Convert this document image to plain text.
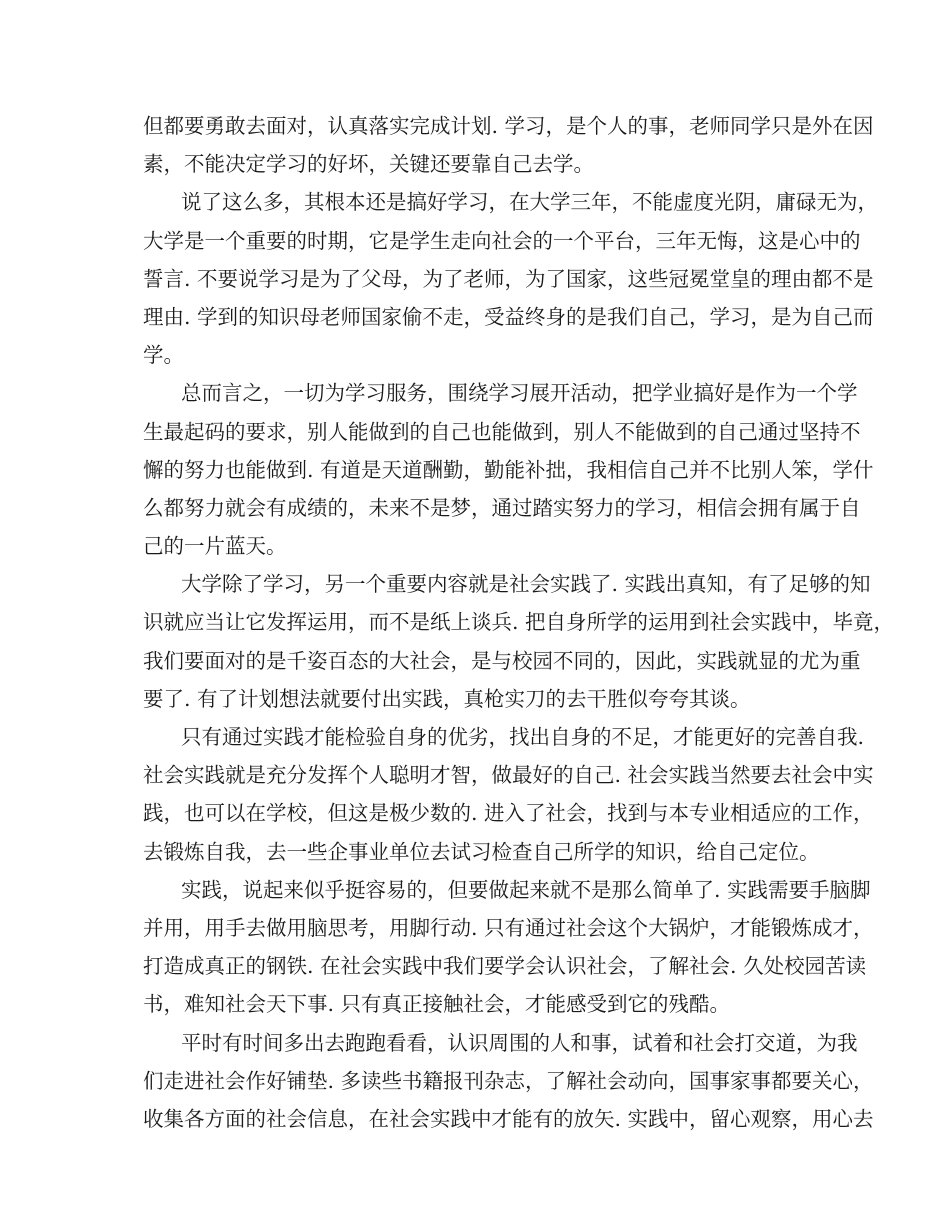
但都要勇敢去面对，认真落实完成计划. 学习，是个人的事，老师同学只是外在因
素，不能决定学习的好坏，关键还要靠自己去学。

说了这么多，其根本还是搞好学习，在大学三年，不能虚度光阴，庸碌无为，
大学是一个重要的时期，它是学生走向社会的一个平台，三年无悔，这是心中的
誓言. 不要说学习是为了父母，为了老师，为了国家，这些冠冕堂皇的理由都不是
理由. 学到的知识母老师国家偷不走，受益终身的是我们自己，学习，是为自己而
学。

总而言之，一切为学习服务，围绕学习展开活动，把学业搞好是作为一个学
生最起码的要求，别人能做到的自己也能做到，别人不能做到的自己通过坚持不
懈的努力也能做到. 有道是天道酬勤，勤能补拙，我相信自己并不比别人笨，学什
么都努力就会有成绩的，未来不是梦，通过踏实努力的学习，相信会拥有属于自
己的一片蓝天。

大学除了学习，另一个重要内容就是社会实践了. 实践出真知，有了足够的知
识就应当让它发挥运用，而不是纸上谈兵. 把自身所学的运用到社会实践中，毕竟，
我们要面对的是千姿百态的大社会，是与校园不同的，因此，实践就显的尤为重
要了. 有了计划想法就要付出实践，真枪实刀的去干胜似夸夸其谈。

只有通过实践才能检验自身的优劣，找出自身的不足，才能更好的完善自我.
社会实践就是充分发挥个人聪明才智，做最好的自己. 社会实践当然要去社会中实
践，也可以在学校，但这是极少数的. 进入了社会，找到与本专业相适应的工作，
去锻炼自我，去一些企事业单位去试习检查自己所学的知识，给自己定位。

实践，说起来似乎挺容易的，但要做起来就不是那么简单了. 实践需要手脑脚
并用，用手去做用脑思考，用脚行动. 只有通过社会这个大锅炉，才能锻炼成才，
打造成真正的钢铁. 在社会实践中我们要学会认识社会，了解社会. 久处校园苦读
书，难知社会天下事. 只有真正接触社会，才能感受到它的残酷。

平时有时间多出去跑跑看看，认识周围的人和事，试着和社会打交道，为我
们走进社会作好铺垫. 多读些书籍报刊杂志，了解社会动向，国事家事都要关心，
收集各方面的社会信息，在社会实践中才能有的放矢. 实践中，留心观察，用心去
